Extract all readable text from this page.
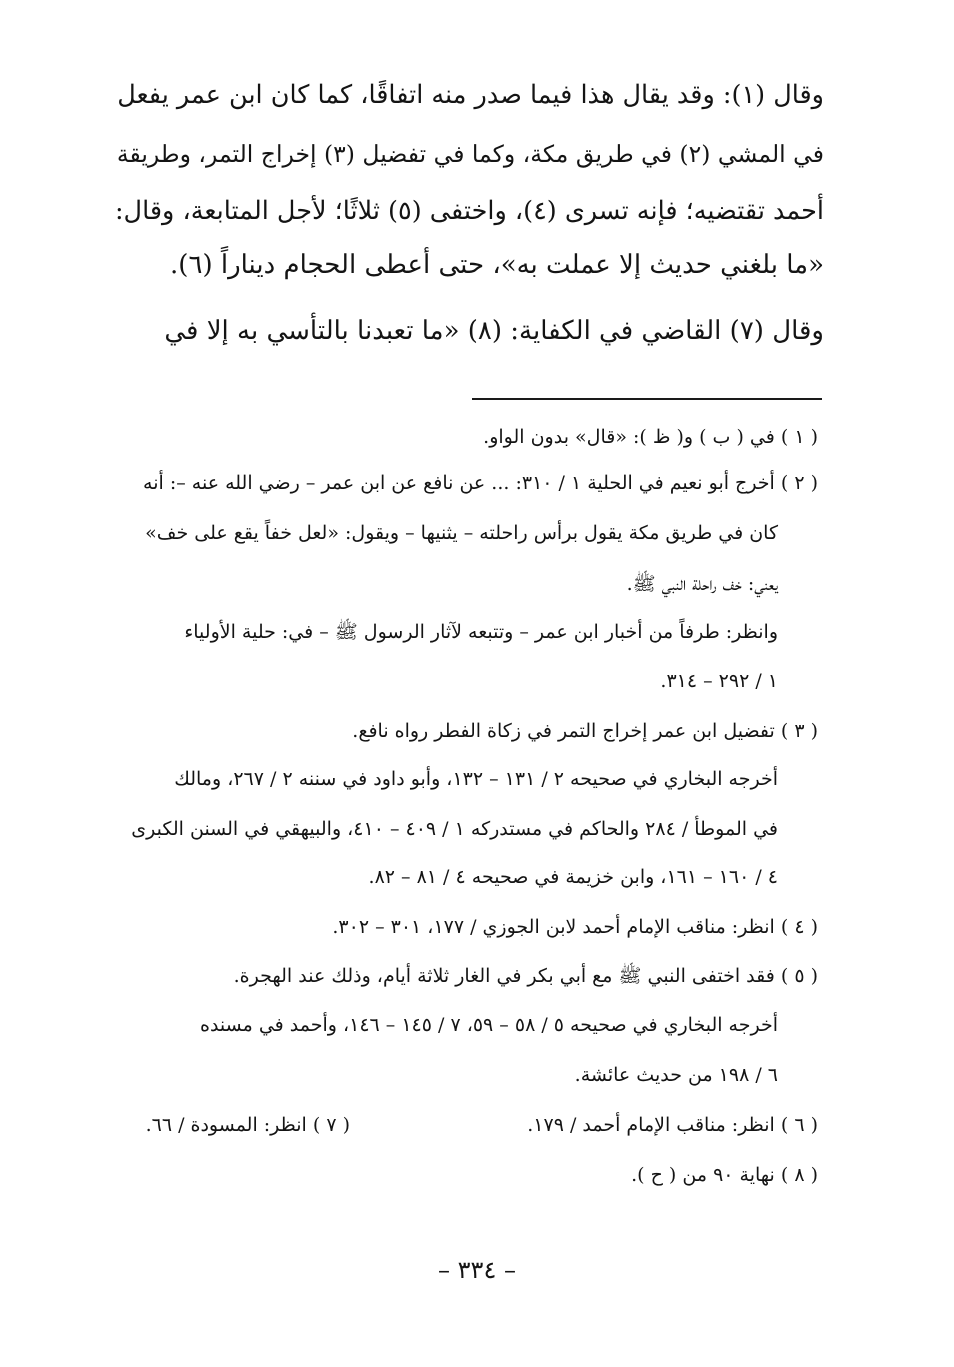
وقال (١): وقد يقال هذا فيما صدر منه اتفاقًا، كما كان ابن عمر يفعل
في المشي (٢) في طريق مكة، وكما في تفضيل (٣) إخراج التمر، وطريقة
أحمد تقتضيه؛ فإنه تسرى (٤)، واختفى (٥) ثلاثًا؛ لأجل المتابعة، وقال:
«ما بلغني حديث إلا عملت به»، حتى أعطى الحجام ديناراً (٦).
وقال (٧) القاضي في الكفاية: (٨) «ما تعبدنا بالتأسي به إلا في
( ١ ) في ( ب ) و( ظ ): «قال» بدون الواو.
( ٢ ) أخرج أبو نعيم في الحلية ١ / ٣١٠: ... عن نافع عن ابن عمر – رضي الله عنه –: أنه
كان في طريق مكة يقول برأس راحلته – يثنيها – ويقول: «لعل خفاً يقع على خف»
يعني: خف راحلة النبي ﷺ.
وانظر: طرفاً من أخبار ابن عمر – وتتبعه لآثار الرسول ﷺ – في: حلية الأولياء
١ / ٢٩٢ – ٣١٤.
( ٣ ) تفضيل ابن عمر إخراج التمر في زكاة الفطر رواه نافع.
أخرجه البخاري في صحيحه ٢ / ١٣١ – ١٣٢، وأبو داود في سننه ٢ / ٢٦٧، ومالك
في الموطأ / ٢٨٤ والحاكم في مستدركه ١ / ٤٠٩ – ٤١٠، والبيهقي في السنن الكبرى
٤ / ١٦٠ – ١٦١، وابن خزيمة في صحيحه ٤ / ٨١ – ٨٢.
( ٤ ) انظر: مناقب الإمام أحمد لابن الجوزي / ١٧٧، ٣٠١ – ٣٠٢.
( ٥ ) فقد اختفى النبي ﷺ مع أبي بكر في الغار ثلاثة أيام، وذلك عند الهجرة.
أخرجه البخاري في صحيحه ٥ / ٥٨ – ٥٩، ٧ / ١٤٥ – ١٤٦، وأحمد في مسنده
٦ / ١٩٨ من حديث عائشة.
( ٦ ) انظر: مناقب الإمام أحمد / ١٧٩.
( ٧ ) انظر: المسودة / ٦٦.
( ٨ ) نهاية ٩٠ من ( ح ).
– ٣٣٤ –
